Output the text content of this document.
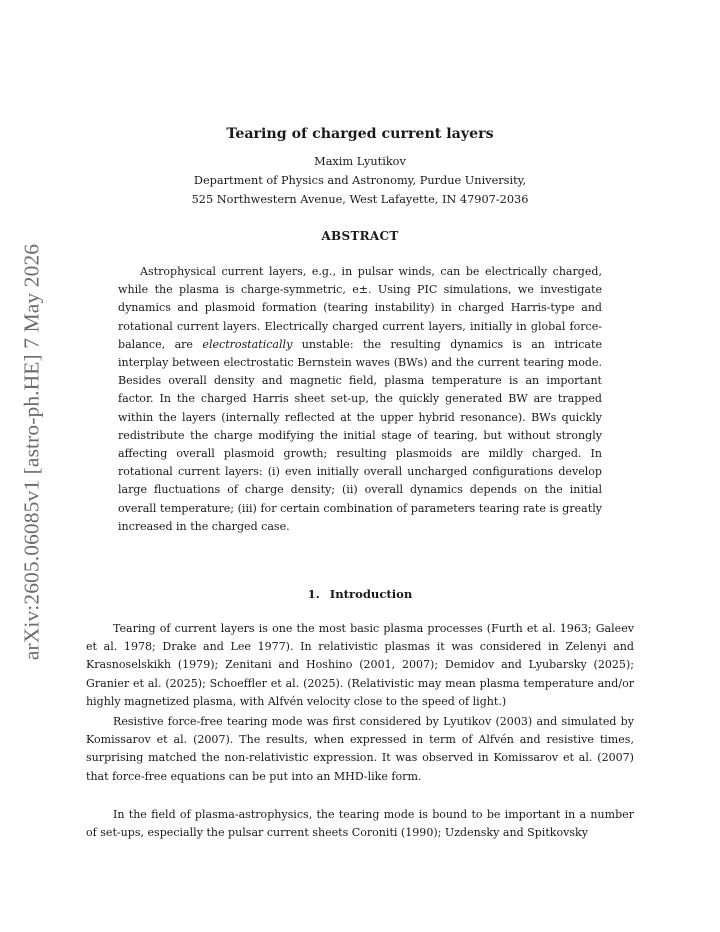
arXiv:2605.06085v1 [astro-ph.HE] 7 May 2026
Tearing of charged current layers
Maxim Lyutikov
Department of Physics and Astronomy, Purdue University,
525 Northwestern Avenue, West Lafayette, IN 47907-2036
ABSTRACT

Astrophysical current layers, e.g., in pulsar winds, can be electrically charged, while the plasma is charge-symmetric, e±. Using PIC simulations, we investigate dynamics and plasmoid formation (tearing instability) in charged Harris-type and rotational current layers. Electrically charged current layers, initially in global force-balance, are electrostatically unstable: the resulting dynamics is an intricate interplay between electrostatic Bernstein waves (BWs) and the current tearing mode. Besides overall density and magnetic field, plasma temperature is an important factor. In the charged Harris sheet set-up, the quickly generated BW are trapped within the layers (internally reflected at the upper hybrid resonance). BWs quickly redistribute the charge modifying the initial stage of tearing, but without strongly affecting overall plasmoid growth; resulting plasmoids are mildly charged. In rotational current layers: (i) even initially overall uncharged configurations develop large fluctuations of charge density; (ii) overall dynamics depends on the initial overall temperature; (iii) for certain combination of parameters tearing rate is greatly increased in the charged case.

1. Introduction

Tearing of current layers is one the most basic plasma processes (Furth et al. 1963; Galeev et al. 1978; Drake and Lee 1977). In relativistic plasmas it was considered in Zelenyi and Krasnoselskikh (1979); Zenitani and Hoshino (2001, 2007); Demidov and Lyubarsky (2025); Granier et al. (2025); Schoeffler et al. (2025). (Relativistic may mean plasma temperature and/or highly magnetized plasma, with Alfvén velocity close to the speed of light.)

Resistive force-free tearing mode was first considered by Lyutikov (2003) and simulated by Komissarov et al. (2007). The results, when expressed in term of Alfvén and resistive times, surprising matched the non-relativistic expression. It was observed in Komissarov et al. (2007) that force-free equations can be put into an MHD-like form.

In the field of plasma-astrophysics, the tearing mode is bound to be important in a number of set-ups, especially the pulsar current sheets Coroniti (1990); Uzdensky and Spitkovsky
